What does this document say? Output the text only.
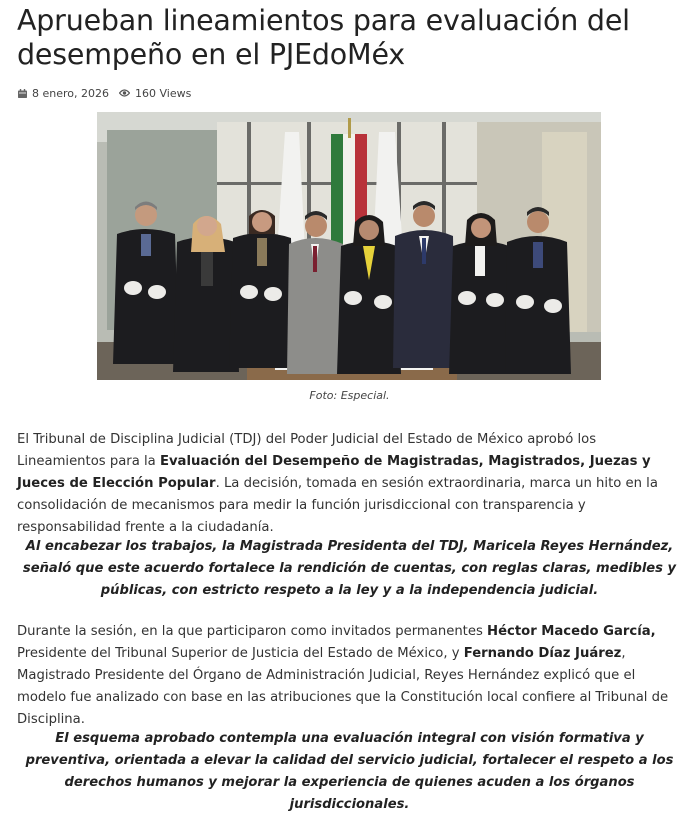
Aprueban lineamientos para evaluación del desempeño en el PJEdoMéx
8 enero, 2026 160 Views
Foto: Especial.

El Tribunal de Disciplina Judicial (TDJ) del Poder Judicial del Estado de México aprobó los Lineamientos para la Evaluación del Desempeño de Magistradas, Magistrados, Juezas y Jueces de Elección Popular. La decisión, tomada en sesión extraordinaria, marca un hito en la consolidación de mecanismos para medir la función jurisdiccional con transparencia y responsabilidad frente a la ciudadanía.

Al encabezar los trabajos, la Magistrada Presidenta del TDJ, Maricela Reyes Hernández, señaló que este acuerdo fortalece la rendición de cuentas, con reglas claras, medibles y públicas, con estricto respeto a la ley y a la independencia judicial.

Durante la sesión, en la que participaron como invitados permanentes Héctor Macedo García, Presidente del Tribunal Superior de Justicia del Estado de México, y Fernando Díaz Juárez, Magistrado Presidente del Órgano de Administración Judicial, Reyes Hernández explicó que el modelo fue analizado con base en las atribuciones que la Constitución local confiere al Tribunal de Disciplina.

El esquema aprobado contempla una evaluación integral con visión formativa y preventiva, orientada a elevar la calidad del servicio judicial, fortalecer el respeto a los derechos humanos y mejorar la experiencia de quienes acuden a los órganos jurisdiccionales.
